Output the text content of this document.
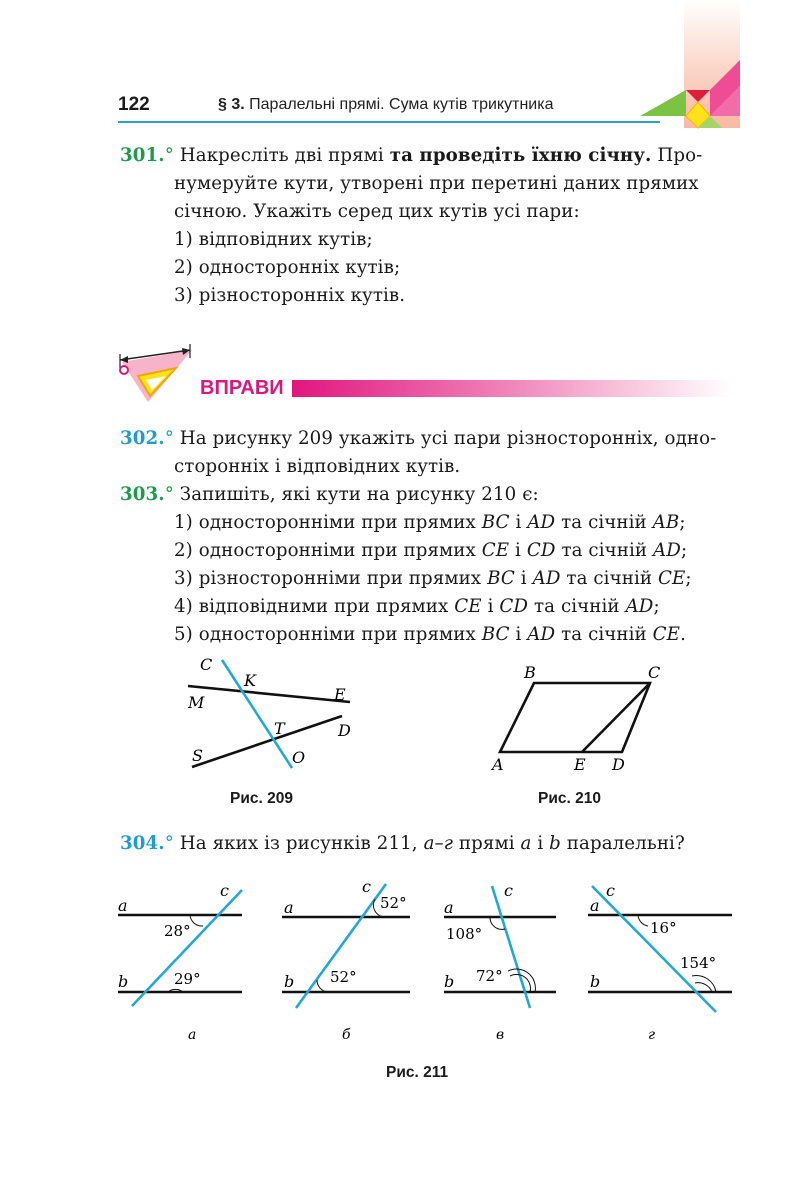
122	§ 3. Паралельні прямі. Сума кутів трикутника
301.° Накресліть дві прямі та проведіть їхню січну. Про-
нумеруйте кути, утворені при перетині даних прямих
січною. Укажіть серед цих кутів усі пари:
1) відповідних кутів;
2) односторонніх кутів;
3) різносторонніх кутів.
ВПРАВИ
302.° На рисунку 209 укажіть усі пари різносторонніх, одно-
сторонніх і відповідних кутів.
303.° Запишіть, які кути на рисунку 210 є:
1) односторонніми при прямих BC і AD та січній AB;
2) односторонніми при прямих CE і CD та січній AD;
3) різносторонніми при прямих BC і AD та січній CE;
4) відповідними при прямих CE і CD та січній AD;
5) односторонніми при прямих BC і AD та січній CE.
C
K
M	E
T	D
S	O
Рис. 209
B	C
A	E D
Рис. 210
304.° На яких із рисунків 211, а–г прямі a і b паралельні?
a
b
c
28°
29°
а
a
b
c
52°
52°
б
a
b
c
108°
72°
в
a
b
c
16°
154°
г
Рис. 211
